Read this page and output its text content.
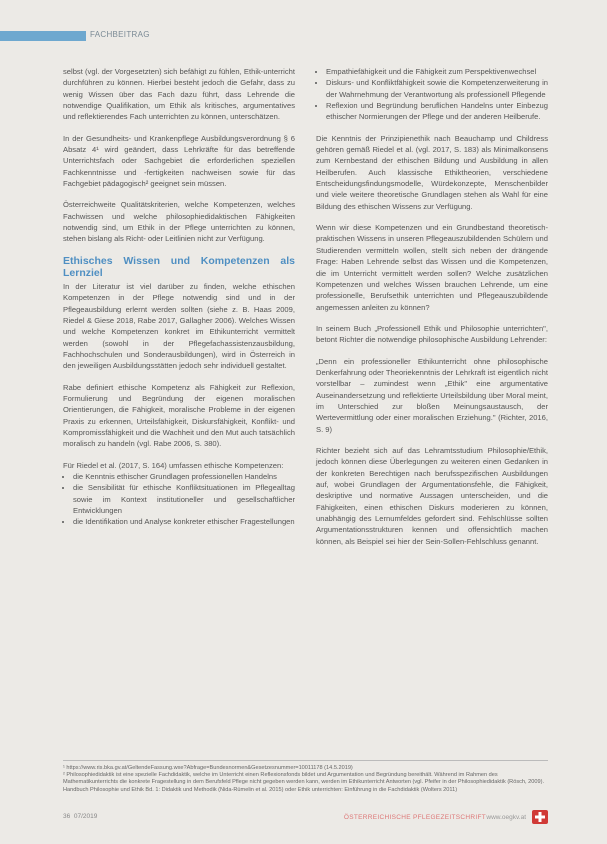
FACHBEITRAG

selbst (vgl. der Vorgesetzten) sich befähigt zu fühlen, Ethik-unterricht durchführen zu können. Hierbei besteht jedoch die Gefahr, dass zu wenig Wissen über das Fach dazu führt, dass Lehrende die notwendige Qualifikation, um Ethik als kritisches, argumentatives und reflektierendes Fach unterrichten zu können, unterschätzen.

In der Gesundheits- und Krankenpflege Ausbildungsverordnung § 6 Absatz 4¹ wird geändert, dass Lehrkräfte für das betreffende Unterrichtsfach oder Sachgebiet die erforderlichen speziellen Fachkenntnisse und -fertigkeiten nachweisen sowie für das Fachgebiet pädagogisch² geeignet sein müssen.

Österreichweite Qualitätskriterien, welche Kompetenzen, welches Fachwissen und welche philosophiedidaktischen Fähigkeiten notwendig sind, um Ethik in der Pflege unterrichten zu können, stehen bislang als Richt- oder Leitlinien nicht zur Verfügung.

Ethisches Wissen und Kompetenzen als Lernziel

In der Literatur ist viel darüber zu finden, welche ethischen Kompetenzen in der Pflege notwendig sind und in der Pflegeausbildung erlernt werden sollten (siehe z. B. Haas 2009, Riedel & Giese 2018, Rabe 2017, Gallagher 2006). Welches Wissen und welche Kompetenzen konkret im Ethikunterricht vermittelt werden (sowohl in der Pflegefachassistenzausbildung, Fachhochschulen und Sonderausbildungen), wird in Österreich in den jeweiligen Ausbildungsstätten jedoch sehr individuell gestaltet.

Rabe definiert ethische Kompetenz als Fähigkeit zur Reflexion, Formulierung und Begründung der eigenen moralischen Orientierungen, die Fähigkeit, moralische Probleme in der eigenen Praxis zu erkennen, Urteilsfähigkeit, Diskursfähigkeit, Konflikt- und Kompromissfähigkeit und die Wachheit und den Mut auch tatsächlich moralisch zu handeln (vgl. Rabe 2006, S. 380).

Für Riedel et al. (2017, S. 164) umfassen ethische Kompetenzen:

• die Kenntnis ethischer Grundlagen professionellen Handelns
• die Sensibilität für ethische Konfliktsituationen im Pflegealltag sowie im Kontext institutioneller und gesellschaftlicher Entwicklungen
• die Identifikation und Analyse konkreter ethischer Fragestellungen
• Empathiefähigkeit und die Fähigkeit zum Perspektivenwechsel
• Diskurs- und Konfliktfähigkeit sowie die Kompetenzerweiterung in der Wahrnehmung der Verantwortung als professionell Pflegende
• Reflexion und Begründung beruflichen Handelns unter Einbezug ethischer Normierungen der Pflege und der anderen Heilberufe.

Die Kenntnis der Prinzipienethik nach Beauchamp und Childress gehören gemäß Riedel et al. (vgl. 2017, S. 183) als Minimalkonsens zum Kernbestand der ethischen Bildung und Ausbildung in allen Heilberufen. Auch klassische Ethiktheorien, verschiedene Entscheidungsfindungsmodelle, Würdekonzepte, Menschenbilder und viele weitere theoretische Grundlagen stehen als Wahl für eine Bildung des ethischen Wissens zur Verfügung.

Wenn wir diese Kompetenzen und ein Grundbestand theoretisch-praktischen Wissens in unseren Pflegeauszubildenden Schülern und Studierenden vermitteln wollen, stellt sich neben der drängende Frage: Haben Lehrende selbst das Wissen und die Kompetenzen, die im Unterricht vermittelt werden sollen? Welche zusätzlichen Kompetenzen und welches Wissen brauchen Lehrende, um eine professionelle, Berufsethik unterrichten und Pflegeauszubildende angemessen anleiten zu können?

In seinem Buch „Professionell Ethik und Philosophie unterrichten", betont Richter die notwendige philosophische Ausbildung Lehrender:

„Denn ein professioneller Ethikunterricht ohne philosophische Denkerfahrung oder Theoriekenntnis der Lehrkraft ist eigentlich nicht vorstellbar – zumindest wenn „Ethik" eine argumentative Auseinandersetzung und reflektierte Urteilsbildung über Moral meint, im Unterschied zur bloßen Meinungsaustausch, der Wertevermittlung oder einer moralischen Erziehung." (Richter, 2016, S. 9)

Richter bezieht sich auf das Lehramtsstudium Philosophie/Ethik, jedoch können diese Überlegungen zu weiteren einen Gedanken in der konkreten Berechtigen nach berufsspezifischen Ausbildungen auf, wobei Grundlagen der Argumentationsfehle, die Fähigkeit, deskriptive und normative Aussagen unterscheiden, und die Fähigkeiten, einen ethischen Diskurs moderieren zu können, unabhängig des Lernumfeldes gefordert sind. Fehlschlüsse sollten Argumentationsstrukturen kennen und offensichtlich machen können, als Beispiel sei hier der Sein-Sollen-Fehlschluss genannt.

¹ https://www.ris.bka.gv.at/GeltendeFassung.wxe?Abfrage=Bundesnormen&Gesetzesnummer=10011178 (14.5.2019)
² Philosophiedidaktik ist eine spezielle Fachdidaktik, welche im Unterricht einen Reflexionsfonds bildet und Argumentation und Begründung bereithält. Während im Rahmen des Mathematikunterrichts die konkrete Fragestellung in dem Berufsfeld Pflege nicht gegeben werden kann, werden im Ethikunterricht Antworten (vgl. Pfeifer in der Philosophiedidaktik (Rösch, 2009).
Handbuch Philosophie und Ethik Bd. 1: Didaktik und Methodik (Nida-Rümelin et al. 2015) oder Ethik unterrichten: Einführung in die Fachdidaktik (Wolters 2011)
36 07/2019	ÖSTERREICHISCHE PFLEGEZEITSCHRIFT www.oegkv.at
